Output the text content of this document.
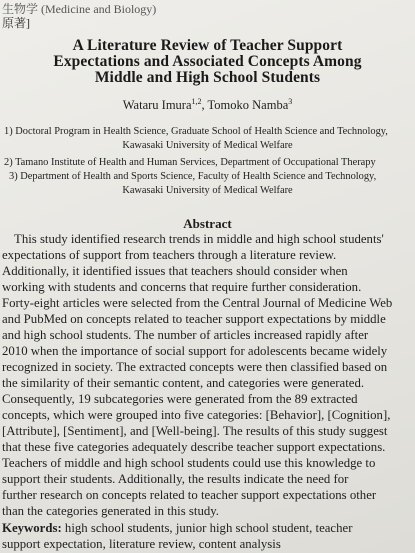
生物学 (Medicine and Biology)
原著]
A Literature Review of Teacher Support
Expectations and Associated Concepts Among
Middle and High School Students
Wataru Imura$^{1,2}$, Tomoko Namba$^3$
1) Doctoral Program in Health Science, Graduate School of Health Science and Technology,
Kawasaki University of Medical Welfare
2) Tamano Institute of Health and Human Services, Department of Occupational Therapy
3) Department of Health and Sports Science, Faculty of Health Science and Technology,
Kawasaki University of Medical Welfare
Abstract
This study identified research trends in middle and high school students'
expectations of support from teachers through a literature review.
Additionally, it identified issues that teachers should consider when
working with students and concerns that require further consideration.
Forty-eight articles were selected from the Central Journal of Medicine Web
and PubMed on concepts related to teacher support expectations by middle
and high school students. The number of articles increased rapidly after
2010 when the importance of social support for adolescents became widely
recognized in society. The extracted concepts were then classified based on
the similarity of their semantic content, and categories were generated.
Consequently, 19 subcategories were generated from the 89 extracted
concepts, which were grouped into five categories: [Behavior], [Cognition],
[Attribute], [Sentiment], and [Well-being]. The results of this study suggest
that these five categories adequately describe teacher support expectations.
Teachers of middle and high school students could use this knowledge to
support their students. Additionally, the results indicate the need for
further research on concepts related to teacher support expectations other
than the categories generated in this study.
Keywords: high school students, junior high school student, teacher
support expectation, literature review, content analysis
